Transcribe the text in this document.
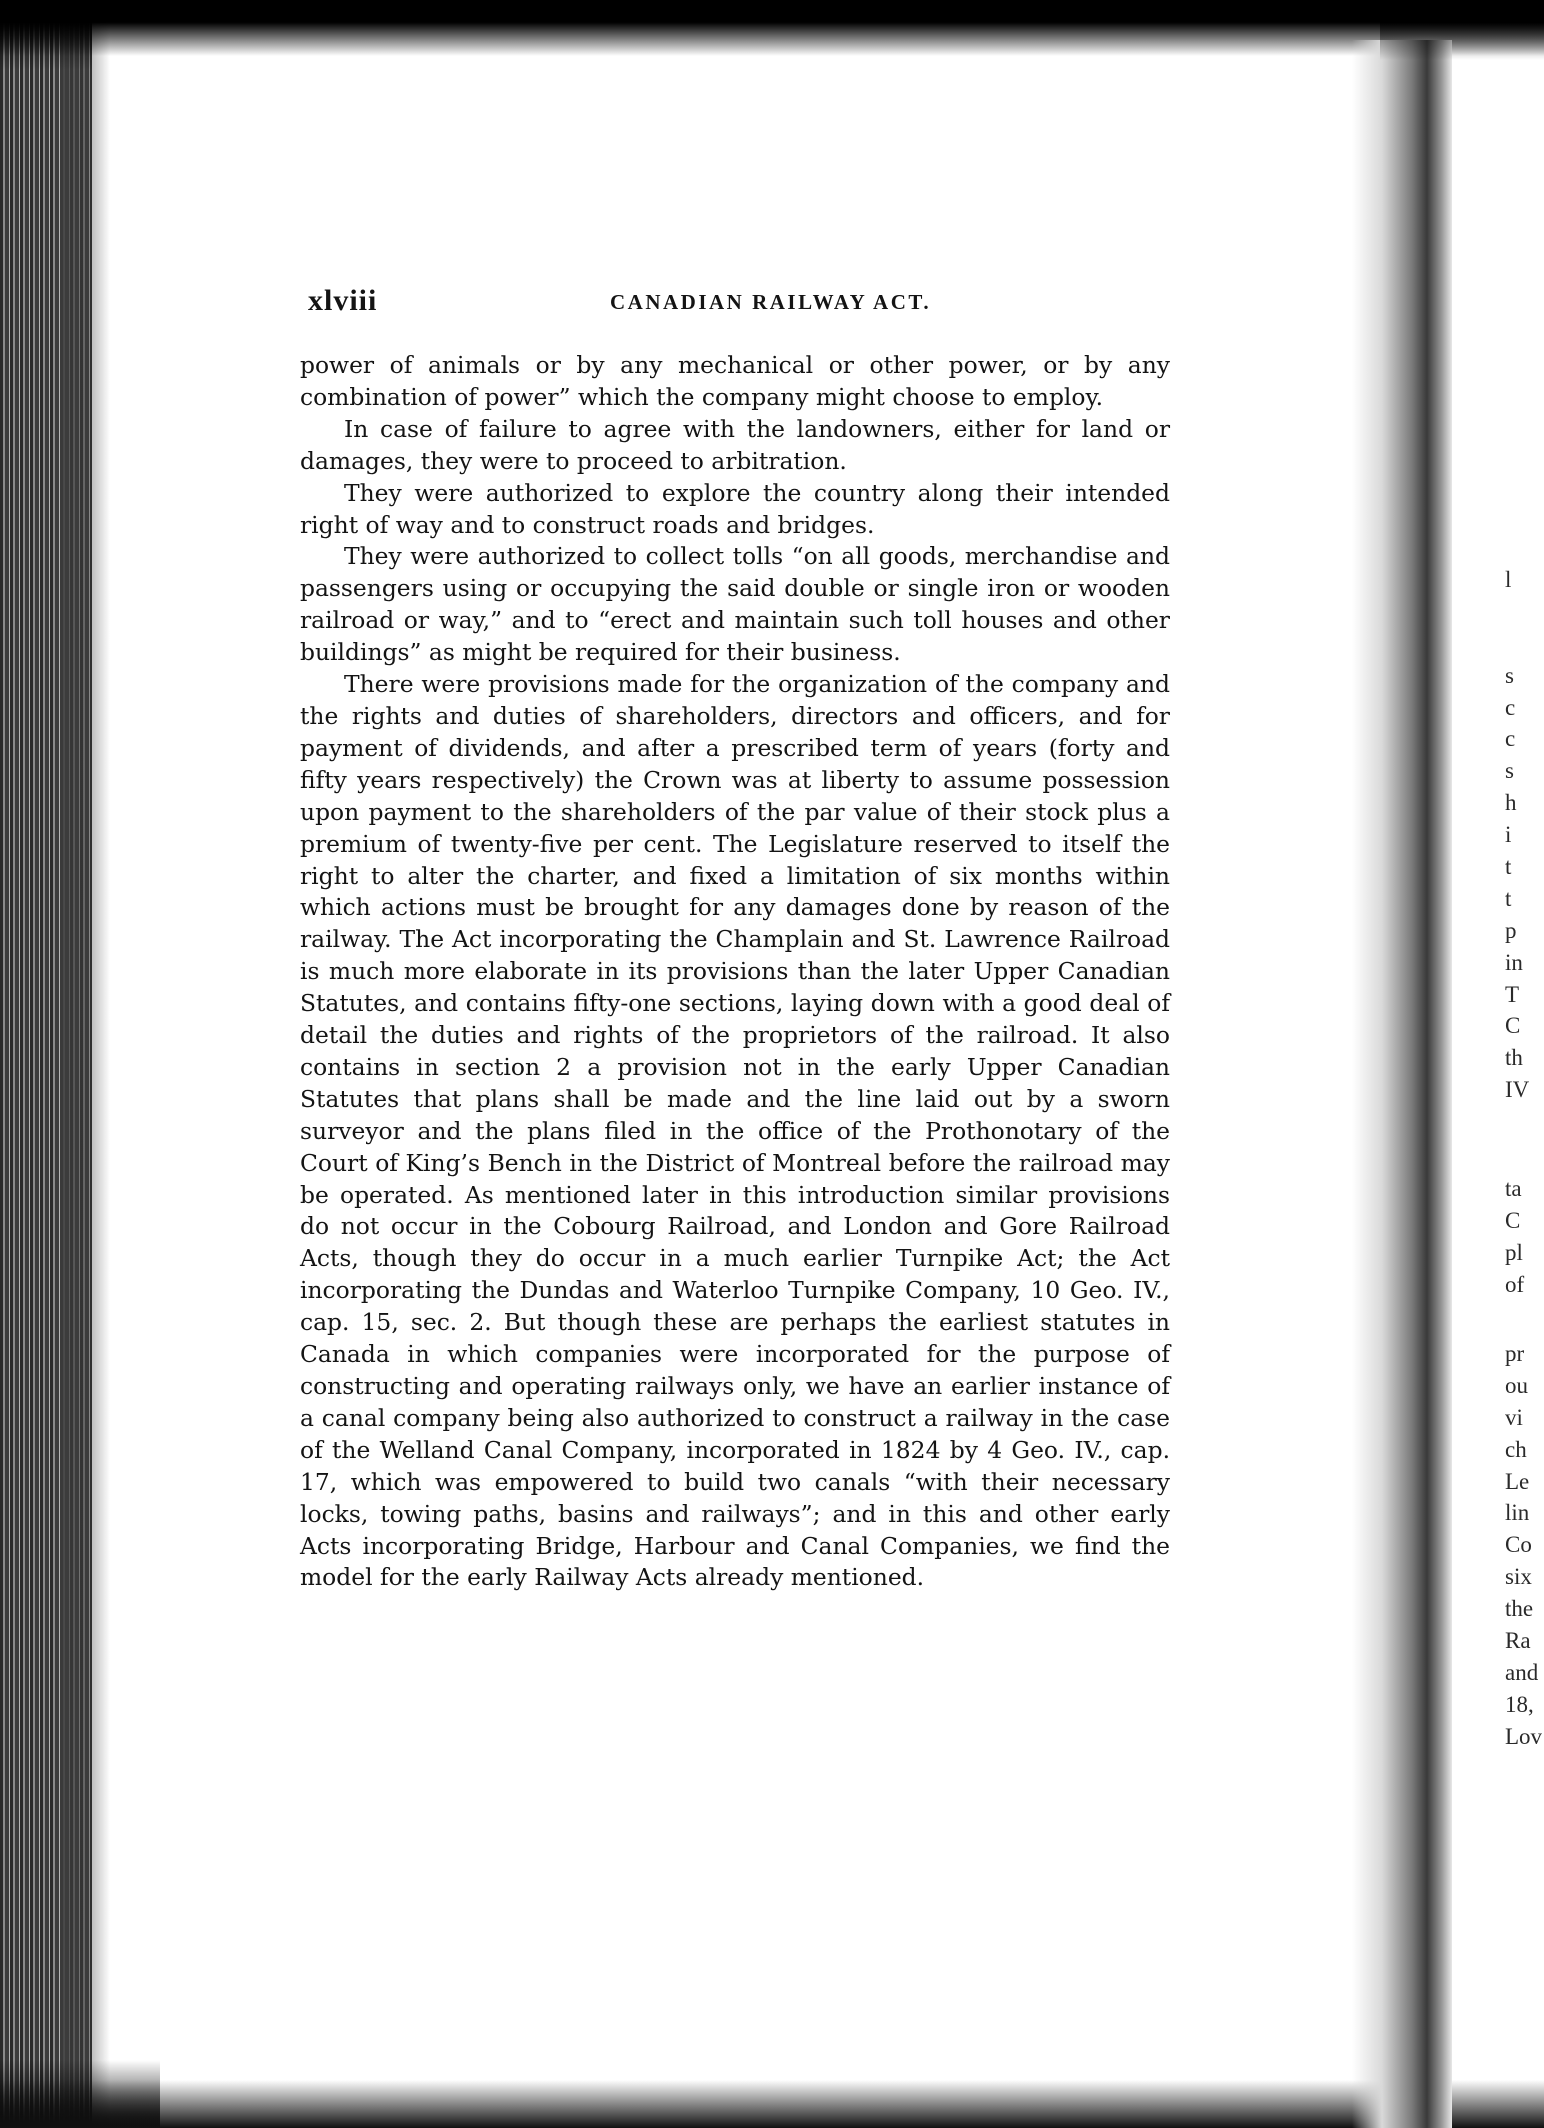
xlviii	CANADIAN RAILWAY ACT.

power of animals or by any mechanical or other power, or by any combination of power” which the company might choose to employ.

In case of failure to agree with the landowners, either for land or damages, they were to proceed to arbitration.

They were authorized to explore the country along their intended right of way and to construct roads and bridges.

They were authorized to collect tolls “on all goods, merchandise and passengers using or occupying the said double or single iron or wooden railroad or way,” and to “erect and maintain such toll houses and other buildings” as might be required for their business.

There were provisions made for the organization of the company and the rights and duties of shareholders, directors and officers, and for payment of dividends, and after a prescribed term of years (forty and fifty years respectively) the Crown was at liberty to assume possession upon payment to the shareholders of the par value of their stock plus a premium of twenty-five per cent. The Legislature reserved to itself the right to alter the charter, and fixed a limitation of six months within which actions must be brought for any damages done by reason of the railway. The Act incorporating the Champlain and St. Lawrence Railroad is much more elaborate in its provisions than the later Upper Canadian Statutes, and contains fifty-one sections, laying down with a good deal of detail the duties and rights of the proprietors of the railroad. It also contains in section 2 a provision not in the early Upper Canadian Statutes that plans shall be made and the line laid out by a sworn surveyor and the plans filed in the office of the Prothonotary of the Court of King’s Bench in the District of Montreal before the railroad may be operated. As mentioned later in this introduction similar provisions do not occur in the Cobourg Railroad, and London and Gore Railroad Acts, though they do occur in a much earlier Turnpike Act; the Act incorporating the Dundas and Waterloo Turnpike Company, 10 Geo. IV., cap. 15, sec. 2. But though these are perhaps the earliest statutes in Canada in which companies were incorporated for the purpose of constructing and operating railways only, we have an earlier instance of a canal company being also authorized to construct a railway in the case of the Welland Canal Company, incorporated in 1824 by 4 Geo. IV., cap. 17, which was empowered to build two canals “with their necessary locks, towing paths, basins and railways”; and in this and other early Acts incorporating Bridge, Harbour and Canal Companies, we find the model for the early Railway Acts already mentioned.

l
s
c
c
s
h
i
t
t
p
in
T
C
th
IV
ta
C
pl
of
pr
ou
vi
ch
Le
lin
Co
six
the
Ra
and
18,
Lov
